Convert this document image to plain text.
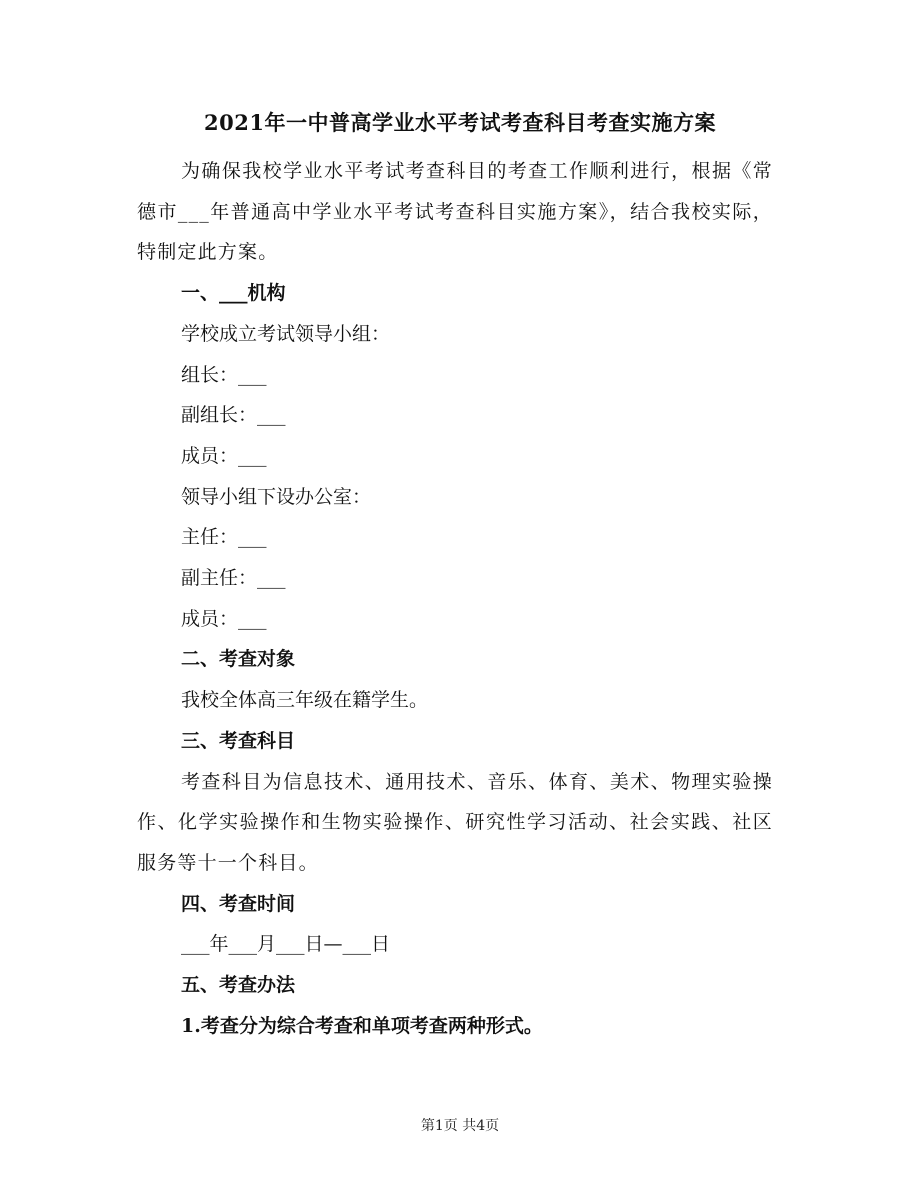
2021年一中普高学业水平考试考查科目考查实施方案

为确保我校学业水平考试考查科目的考查工作顺利进行，根据《常德市___年普通高中学业水平考试考查科目实施方案》，结合我校实际，特制定此方案。

一、___机构

学校成立考试领导小组：

组长：___

副组长：___

成员：___

领导小组下设办公室：

主任：___

副主任：___

成员：___

二、考查对象

我校全体高三年级在籍学生。

三、考查科目

考查科目为信息技术、通用技术、音乐、体育、美术、物理实验操作、化学实验操作和生物实验操作、研究性学习活动、社会实践、社区服务等十一个科目。

四、考查时间

___年___月___日—___日

五、考查办法

1.考查分为综合考查和单项考查两种形式。

第1页 共4页
